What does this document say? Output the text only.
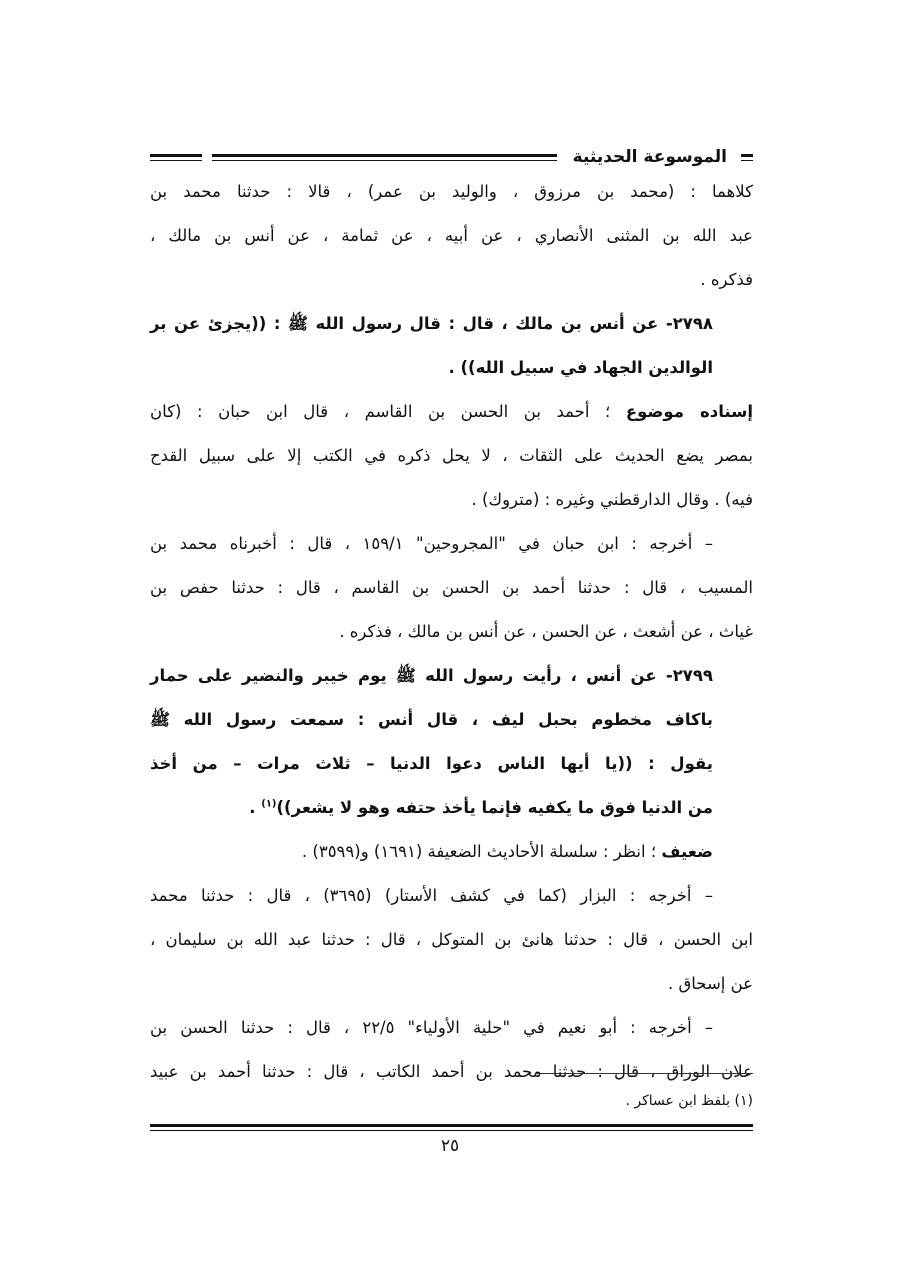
الموسوعة الحديثية
كلاهما : (محمد بن مرزوق ، والوليد بن عمر) ، قالا : حدثنا محمد بن
عبد الله بن المثنى الأنصاري ، عن أبيه ، عن ثمامة ، عن أنس بن مالك ،
فذكره .
٢٧٩٨- عن أنس بن مالك ، قال : قال رسول الله ﷺ : ((يجزئ عن بر
الوالدين الجهاد في سبيل الله)) .
إسناده موضوع ؛ أحمد بن الحسن بن القاسم ، قال ابن حبان : (كان
بمصر يضع الحديث على الثقات ، لا يحل ذكره في الكتب إلا على سبيل القدح
فيه) . وقال الدارقطني وغيره : (متروك) .
– أخرجه : ابن حبان في "المجروحين" ١٥٩/١ ، قال : أخبرناه محمد بن
المسيب ، قال : حدثنا أحمد بن الحسن بن القاسم ، قال : حدثنا حفص بن
غياث ، عن أشعث ، عن الحسن ، عن أنس بن مالك ، فذكره .
٢٧٩٩- عن أنس ، رأيت رسول الله ﷺ يوم خيبر والنضير على حمار
باكاف مخطوم بحبل ليف ، قال أنس : سمعت رسول الله ﷺ
يقول : ((يا أيها الناس دعوا الدنيا – ثلاث مرات – من أخذ
من الدنيا فوق ما يكفيه فإنما يأخذ حتفه وهو لا يشعر))$^{(١)}$ .
ضعيف ؛ انظر : سلسلة الأحاديث الضعيفة (١٦٩١) و(٣٥٩٩) .
– أخرجه : البزار (كما في كشف الأستار) (٣٦٩٥) ، قال : حدثنا محمد
ابن الحسن ، قال : حدثنا هانئ بن المتوكل ، قال : حدثنا عبد الله بن سليمان ،
عن إسحاق .
– أخرجه : أبو نعيم في "حلية الأولياء" ٢٢/٥ ، قال : حدثنا الحسن بن
علان الوراق ، قال : حدثنا محمد بن أحمد الكاتب ، قال : حدثنا أحمد بن عبيد
(١) بلفظ ابن عساكر .
٢٥
